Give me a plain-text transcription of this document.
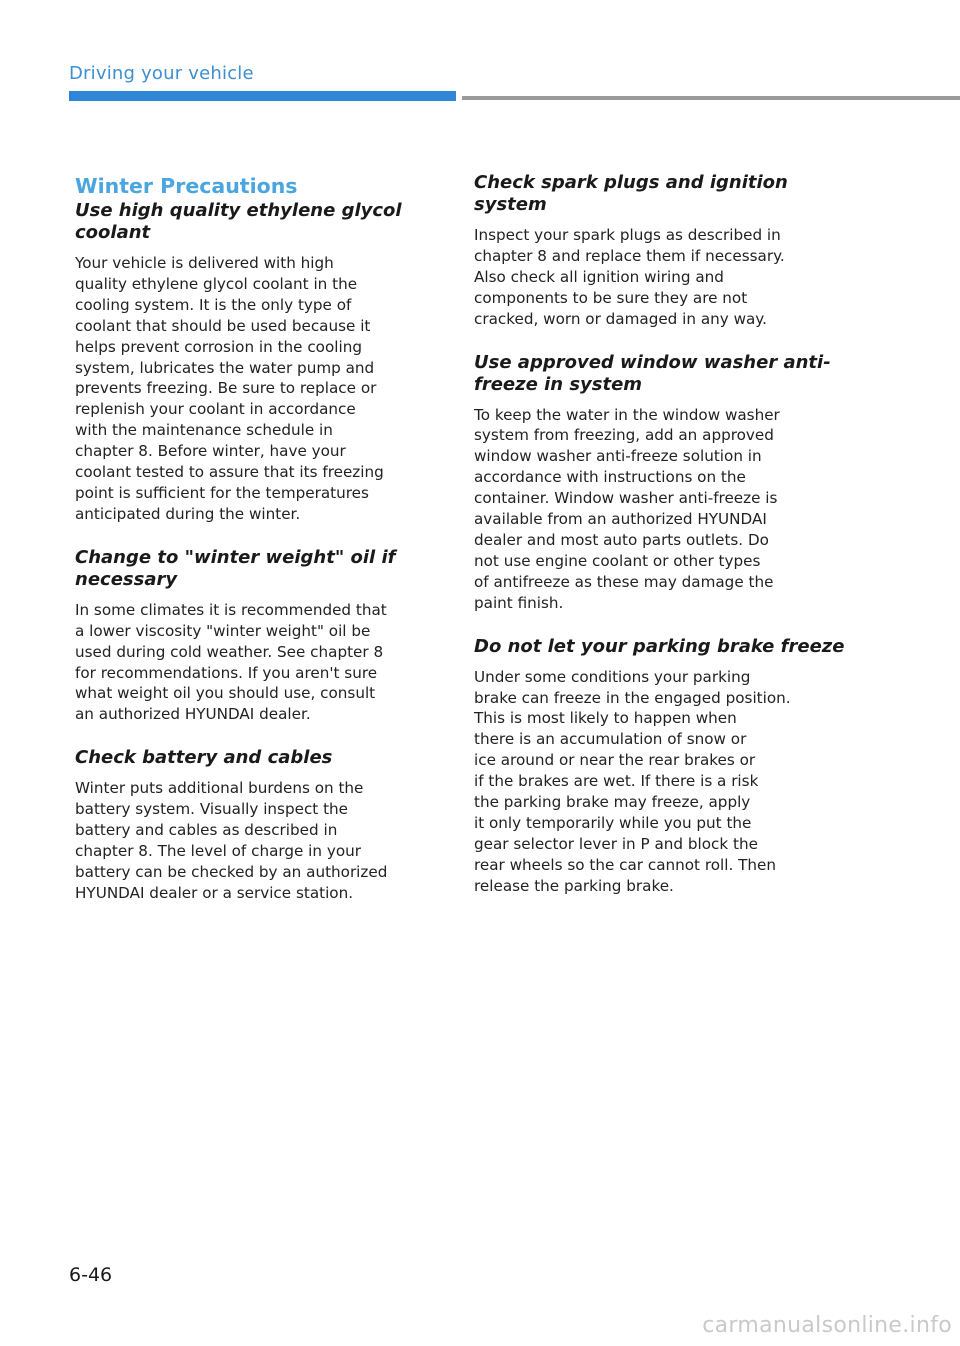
Driving your vehicle
Winter Precautions
Use high quality ethylene glycol
coolant

Your vehicle is delivered with high
quality ethylene glycol coolant in the
cooling system. It is the only type of
coolant that should be used because it
helps prevent corrosion in the cooling
system, lubricates the water pump and
prevents freezing. Be sure to replace or
replenish your coolant in accordance
with the maintenance schedule in
chapter 8. Before winter, have your
coolant tested to assure that its freezing
point is sufficient for the temperatures
anticipated during the winter.

Change to "winter weight" oil if
necessary

In some climates it is recommended that
a lower viscosity "winter weight" oil be
used during cold weather. See chapter 8
for recommendations. If you aren't sure
what weight oil you should use, consult
an authorized HYUNDAI dealer.

Check battery and cables

Winter puts additional burdens on the
battery system. Visually inspect the
battery and cables as described in
chapter 8. The level of charge in your
battery can be checked by an authorized
HYUNDAI dealer or a service station.

Check spark plugs and ignition
system

Inspect your spark plugs as described in
chapter 8 and replace them if necessary.
Also check all ignition wiring and
components to be sure they are not
cracked, worn or damaged in any way.

Use approved window washer anti-
freeze in system

To keep the water in the window washer
system from freezing, add an approved
window washer anti-freeze solution in
accordance with instructions on the
container. Window washer anti-freeze is
available from an authorized HYUNDAI
dealer and most auto parts outlets. Do
not use engine coolant or other types
of antifreeze as these may damage the
paint finish.

Do not let your parking brake freeze

Under some conditions your parking
brake can freeze in the engaged position.
This is most likely to happen when
there is an accumulation of snow or
ice around or near the rear brakes or
if the brakes are wet. If there is a risk
the parking brake may freeze, apply
it only temporarily while you put the
gear selector lever in P and block the
rear wheels so the car cannot roll. Then
release the parking brake.

6-46
carmanualsonline.info
